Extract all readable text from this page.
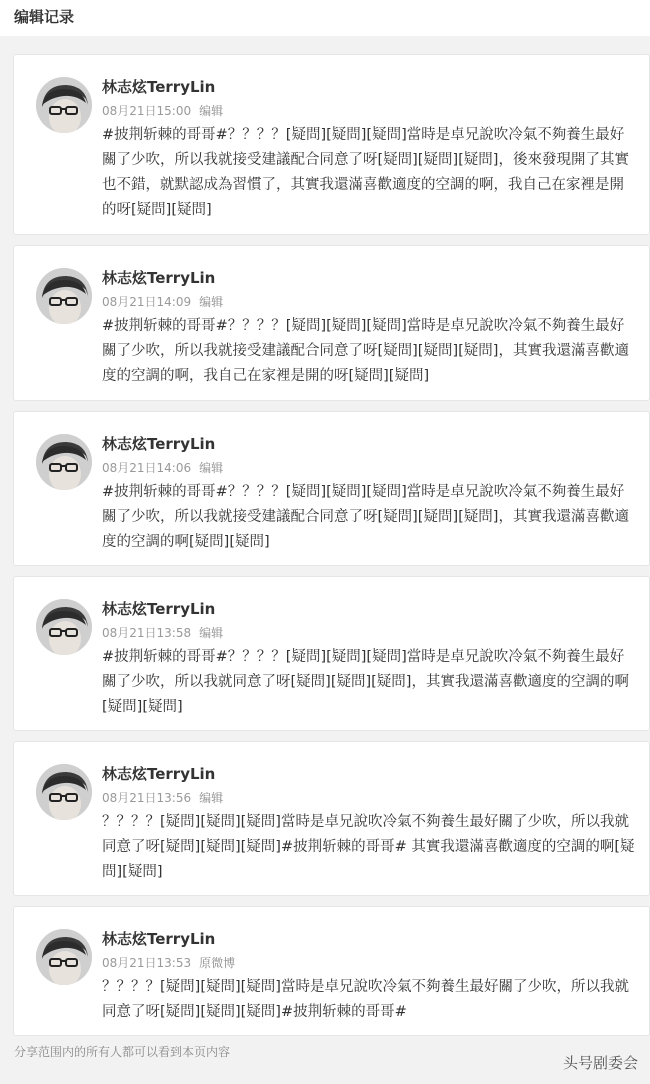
编辑记录
林志炫TerryLin
08月21日15:00 编辑
#披荆斩棘的哥哥#？？？？[疑問][疑問][疑問]當時是卓兄說吹冷氣不夠養生最好關了少吹，所以我就接受建議配合同意了呀[疑問][疑問][疑問]，後來發現開了其實也不錯，就默認成為習慣了，其實我還滿喜歡適度的空調的啊，我自己在家裡是開的呀[疑問][疑問]
林志炫TerryLin
08月21日14:09 编辑
#披荆斩棘的哥哥#？？？？[疑問][疑問][疑問]當時是卓兄說吹冷氣不夠養生最好關了少吹，所以我就接受建議配合同意了呀[疑問][疑問][疑問]，其實我還滿喜歡適度的空調的啊，我自己在家裡是開的呀[疑問][疑問]
林志炫TerryLin
08月21日14:06 编辑
#披荆斩棘的哥哥#？？？？[疑問][疑問][疑問]當時是卓兄說吹冷氣不夠養生最好關了少吹，所以我就接受建議配合同意了呀[疑問][疑問][疑問]，其實我還滿喜歡適度的空調的啊[疑問][疑問]
林志炫TerryLin
08月21日13:58 编辑
#披荆斩棘的哥哥#？？？？[疑問][疑問][疑問]當時是卓兄說吹冷氣不夠養生最好關了少吹，所以我就同意了呀[疑問][疑問][疑問]，其實我還滿喜歡適度的空調的啊[疑問][疑問]
林志炫TerryLin
08月21日13:56 编辑
？？？？[疑問][疑問][疑問]當時是卓兄說吹冷氣不夠養生最好關了少吹，所以我就同意了呀[疑問][疑問][疑問]#披荆斩棘的哥哥# 其實我還滿喜歡適度的空調的啊[疑問][疑問]
林志炫TerryLin
08月21日13:53 原微博
？？？？[疑問][疑問][疑問]當時是卓兄說吹冷氣不夠養生最好關了少吹，所以我就同意了呀[疑問][疑問][疑問]#披荆斩棘的哥哥#
分享范围内的所有人都可以看到本页内容
头号剧委会
